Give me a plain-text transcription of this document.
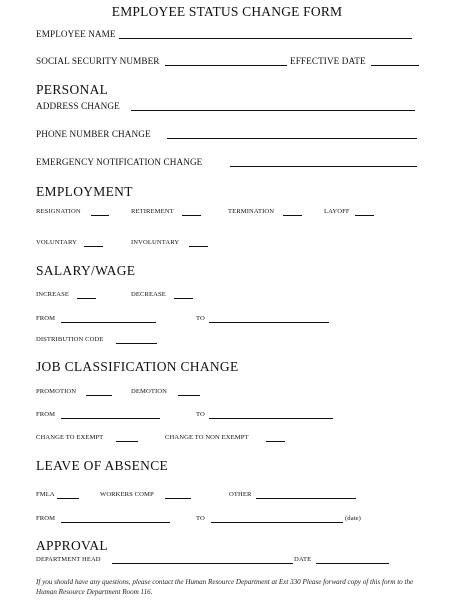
EMPLOYEE STATUS CHANGE FORM
EMPLOYEE NAME
SOCIAL SECURITY NUMBER	EFFECTIVE DATE
PERSONAL
ADDRESS CHANGE
PHONE NUMBER CHANGE
EMERGENCY NOTIFICATION CHANGE
EMPLOYMENT
RESIGNATION	RETIREMENT	TERMINATION	LAYOFF
VOLUNTARY	INVOLUNTARY
SALARY/WAGE
INCREASE	DECREASE
FROM	TO
DISTRIBUTION CODE
JOB CLASSIFICATION CHANGE
PROMOTION	DEMOTION
FROM	TO
CHANGE TO EXEMPT	CHANGE TO NON EXEMPT
LEAVE OF ABSENCE
FMLA	WORKERS COMP	OTHER
FROM	TO	(date)
APPROVAL
DEPARTMENT HEAD	DATE
If you should have any questions, please contact the Human Resource Department at Ext 330 Please forward copy of this form to the Human Resource Department Room 116.
